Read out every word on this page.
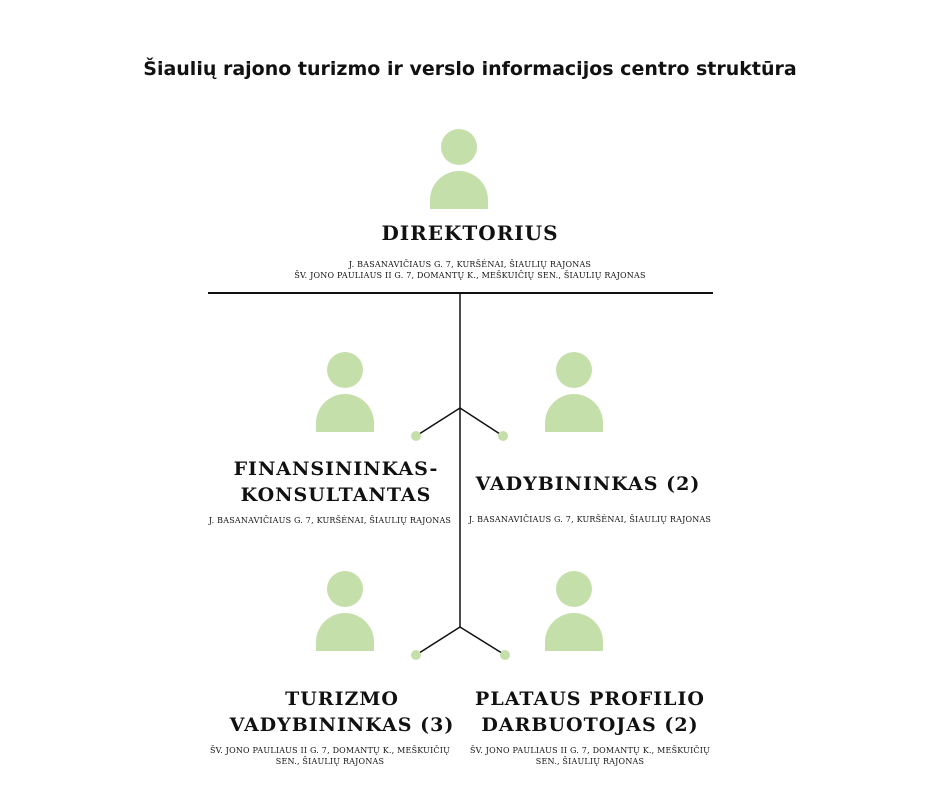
Šiaulių rajono turizmo ir verslo informacijos centro struktūra
DIREKTORIUS
J. BASANAVIČIAUS G. 7, KURŠĖNAI, ŠIAULIŲ RAJONAS
ŠV. JONO PAULIAUS II G. 7, DOMANTŲ K., MEŠKUIČIŲ SEN., ŠIAULIŲ RAJONAS
FINANSININKAS-
KONSULTANTAS
J. BASANAVIČIAUS G. 7, KURŠĖNAI, ŠIAULIŲ RAJONAS
VADYBININKAS (2)
J. BASANAVIČIAUS G. 7, KURŠĖNAI, ŠIAULIŲ RAJONAS
TURIZMO
VADYBININKAS (3)
ŠV. JONO PAULIAUS II G. 7, DOMANTŲ K., MEŠKUIČIŲ
SEN., ŠIAULIŲ RAJONAS
PLATAUS PROFILIO
DARBUOTOJAS (2)
ŠV. JONO PAULIAUS II G. 7, DOMANTŲ K., MEŠKUIČIŲ
SEN., ŠIAULIŲ RAJONAS
